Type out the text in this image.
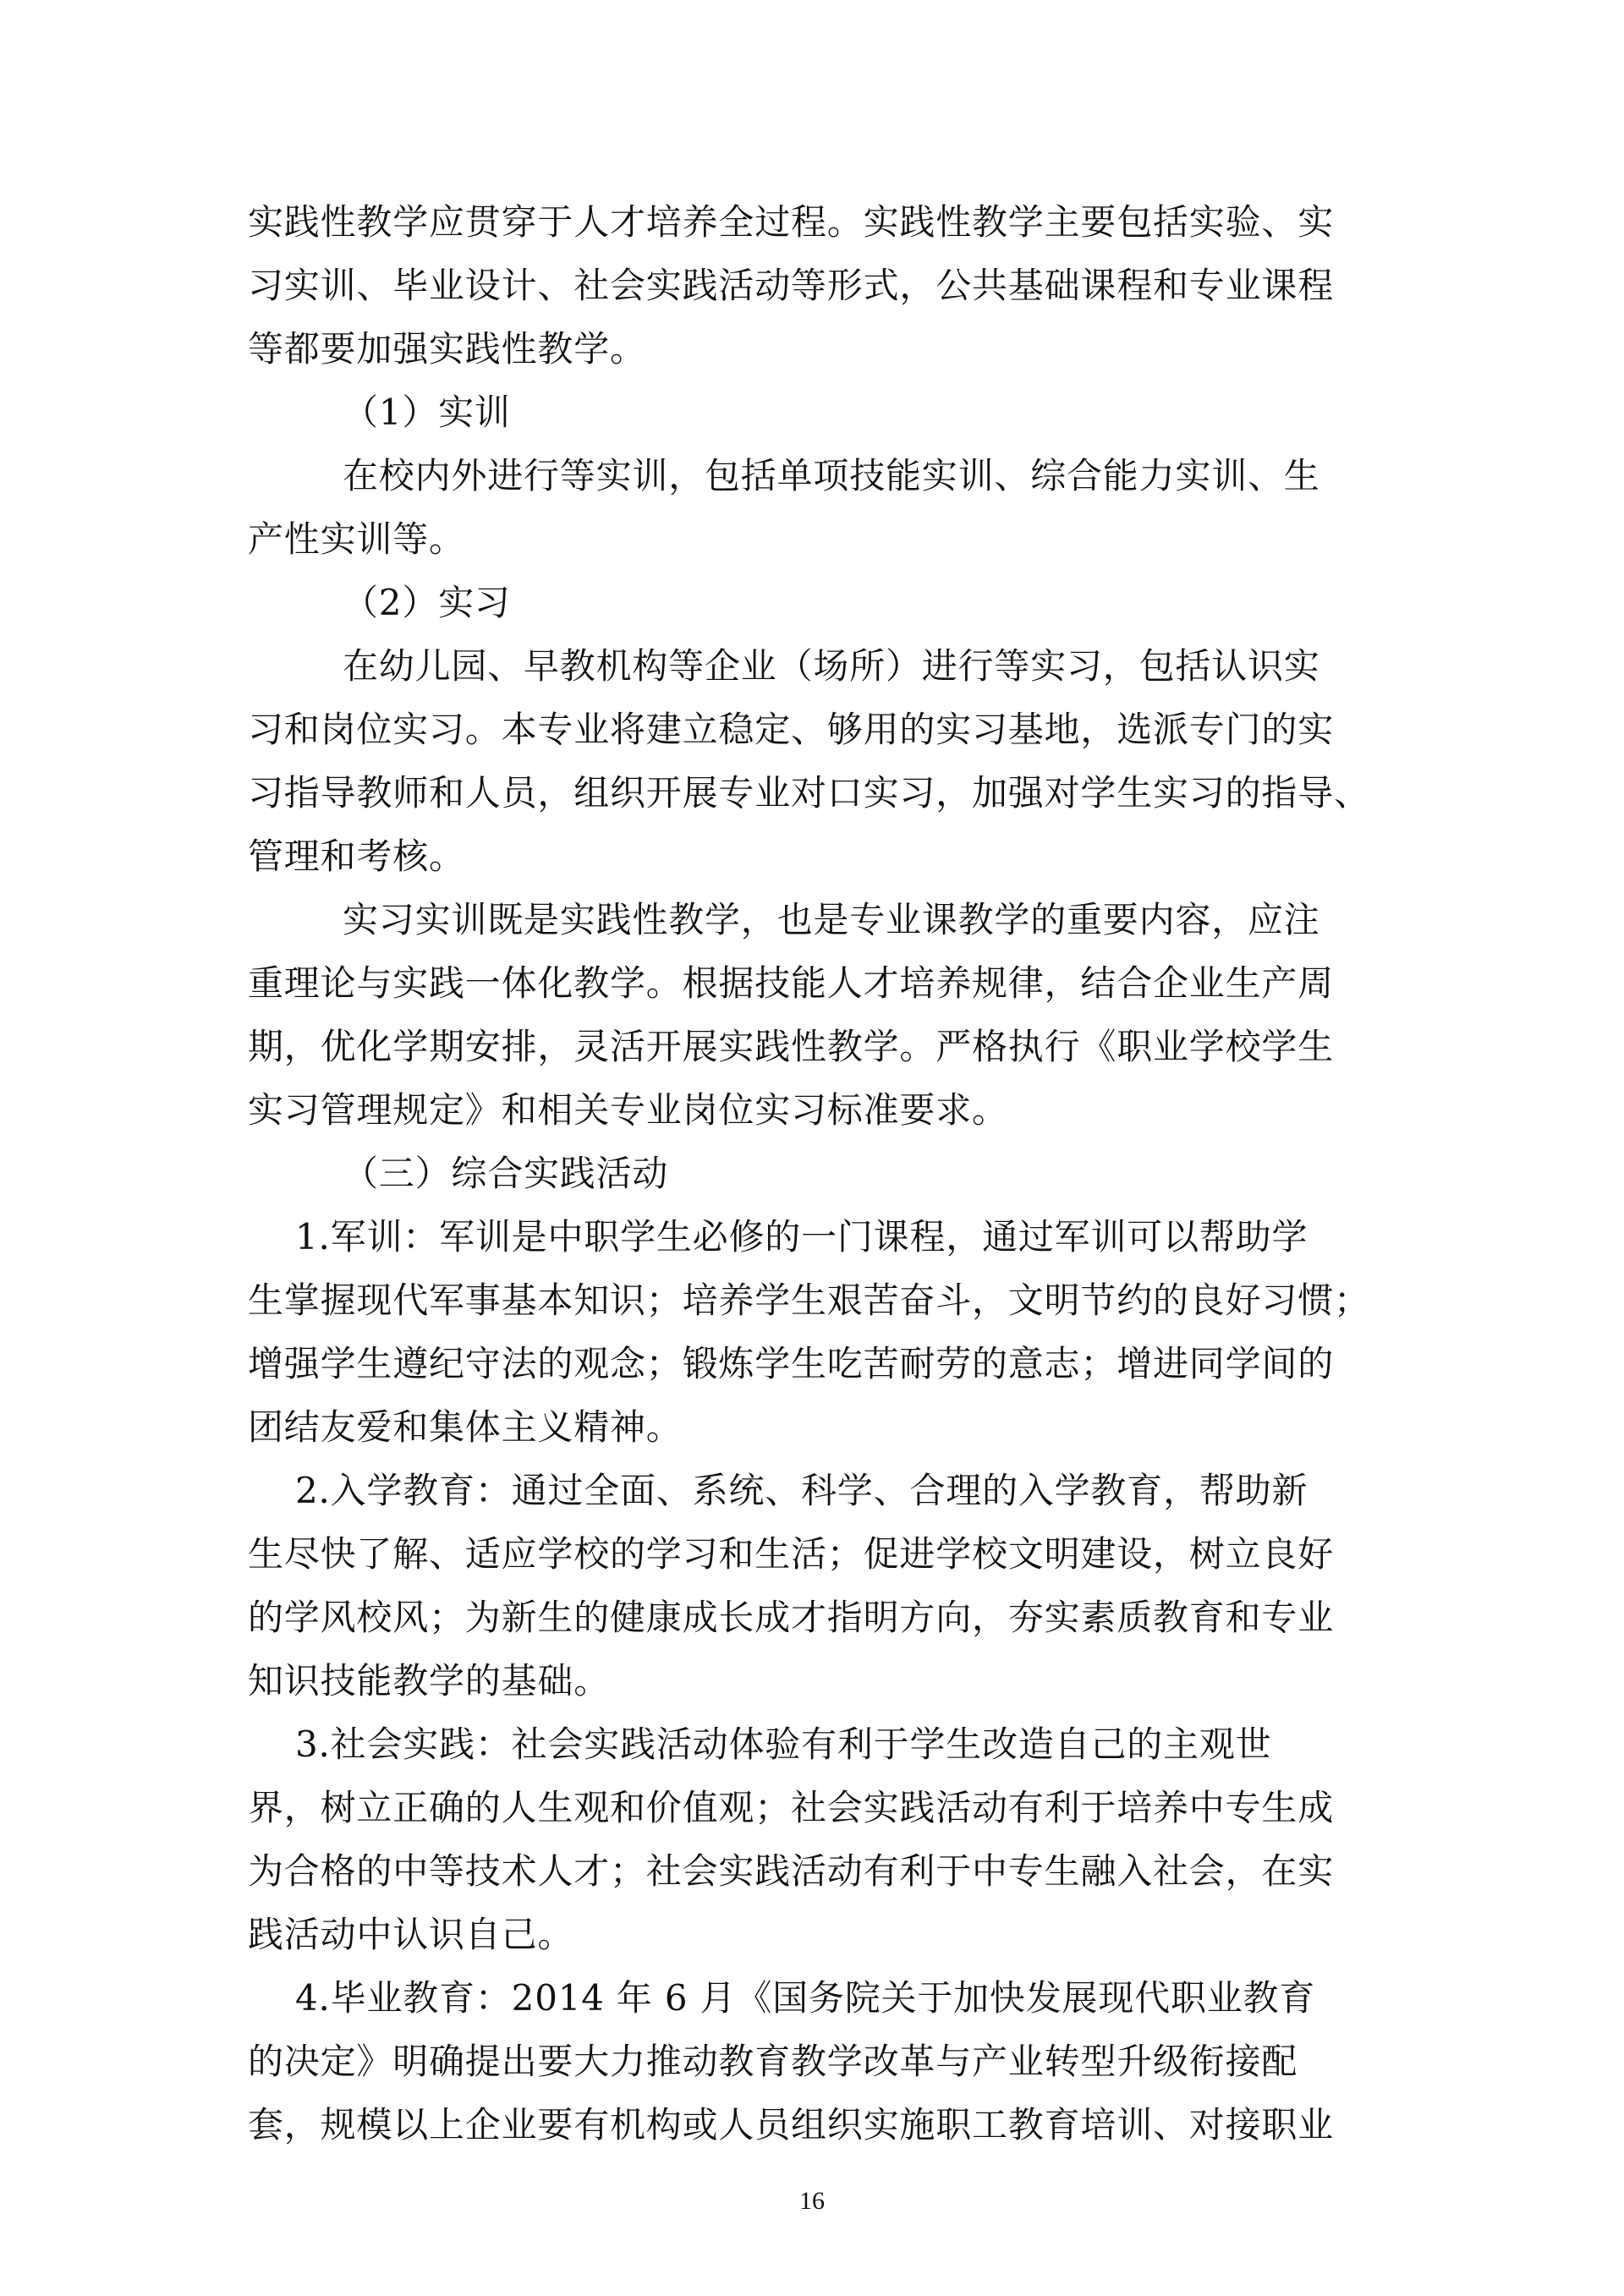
实践性教学应贯穿于人才培养全过程。实践性教学主要包括实验、实
习实训、毕业设计、社会实践活动等形式，公共基础课程和专业课程
等都要加强实践性教学。
（1）实训
在校内外进行等实训，包括单项技能实训、综合能力实训、生
产性实训等。
（2）实习
在幼儿园、早教机构等企业（场所）进行等实习，包括认识实
习和岗位实习。本专业将建立稳定、够用的实习基地，选派专门的实
习指导教师和人员，组织开展专业对口实习，加强对学生实习的指导、
管理和考核。
实习实训既是实践性教学，也是专业课教学的重要内容，应注
重理论与实践一体化教学。根据技能人才培养规律，结合企业生产周
期，优化学期安排，灵活开展实践性教学。严格执行《职业学校学生
实习管理规定》和相关专业岗位实习标准要求。
（三）综合实践活动
1.军训：军训是中职学生必修的一门课程，通过军训可以帮助学
生掌握现代军事基本知识；培养学生艰苦奋斗，文明节约的良好习惯；
增强学生遵纪守法的观念；锻炼学生吃苦耐劳的意志；增进同学间的
团结友爱和集体主义精神。
2.入学教育：通过全面、系统、科学、合理的入学教育，帮助新
生尽快了解、适应学校的学习和生活；促进学校文明建设，树立良好
的学风校风；为新生的健康成长成才指明方向，夯实素质教育和专业
知识技能教学的基础。
3.社会实践：社会实践活动体验有利于学生改造自己的主观世
界，树立正确的人生观和价值观；社会实践活动有利于培养中专生成
为合格的中等技术人才；社会实践活动有利于中专生融入社会，在实
践活动中认识自己。
4.毕业教育：2014 年 6 月《国务院关于加快发展现代职业教育
的决定》明确提出要大力推动教育教学改革与产业转型升级衔接配
套，规模以上企业要有机构或人员组织实施职工教育培训、对接职业
16
